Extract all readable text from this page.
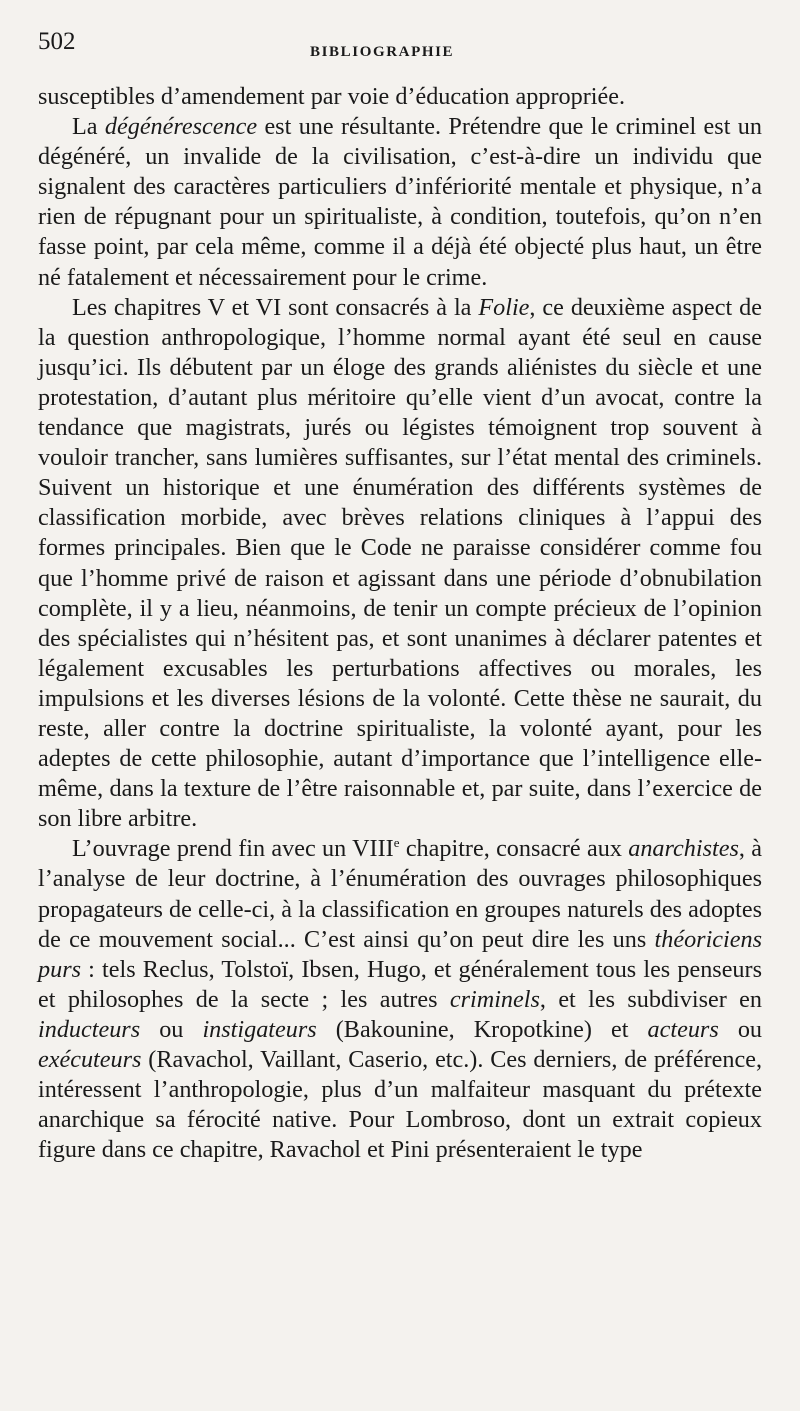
502	BIBLIOGRAPHIE

susceptibles d’amendement par voie d’éducation appropriée.

La dégénérescence est une résultante. Prétendre que le criminel est un dégénéré, un invalide de la civilisation, c’est-à-dire un individu que signalent des caractères particuliers d’infériorité mentale et physique, n’a rien de répugnant pour un spiritualiste, à condition, toutefois, qu’on n’en fasse point, par cela même, comme il a déjà été objecté plus haut, un être né fatalement et nécessairement pour le crime.

Les chapitres V et VI sont consacrés à la Folie, ce deuxième aspect de la question anthropologique, l’homme normal ayant été seul en cause jusqu’ici. Ils débutent par un éloge des grands aliénistes du siècle et une protestation, d’autant plus méritoire qu’elle vient d’un avocat, contre la tendance que magistrats, jurés ou légistes témoignent trop souvent à vouloir trancher, sans lumières suffisantes, sur l’état mental des criminels. Suivent un historique et une énumération des différents systèmes de classification morbide, avec brèves relations cliniques à l’appui des formes principales. Bien que le Code ne paraisse considérer comme fou que l’homme privé de raison et agissant dans une période d’obnubilation complète, il y a lieu, néanmoins, de tenir un compte précieux de l’opinion des spécialistes qui n’hésitent pas, et sont unanimes à déclarer patentes et légalement excusables les perturbations affectives ou morales, les impulsions et les diverses lésions de la volonté. Cette thèse ne saurait, du reste, aller contre la doctrine spiritualiste, la volonté ayant, pour les adeptes de cette philosophie, autant d’importance que l’intelligence elle-même, dans la texture de l’être raisonnable et, par suite, dans l’exercice de son libre arbitre.

L’ouvrage prend fin avec un VIIIe chapitre, consacré aux anarchistes, à l’analyse de leur doctrine, à l’énumération des ouvrages philosophiques propagateurs de celle-ci, à la classification en groupes naturels des adoptes de ce mouvement social... C’est ainsi qu’on peut dire les uns théoriciens purs : tels Reclus, Tolstoï, Ibsen, Hugo, et généralement tous les penseurs et philosophes de la secte ; les autres criminels, et les subdiviser en inducteurs ou instigateurs (Bakounine, Kropotkine) et acteurs ou exécuteurs (Ravachol, Vaillant, Caserio, etc.). Ces derniers, de préférence, intéressent l’anthropologie, plus d’un malfaiteur masquant du prétexte anarchique sa férocité native. Pour Lombroso, dont un extrait copieux figure dans ce chapitre, Ravachol et Pini présenteraient le type
